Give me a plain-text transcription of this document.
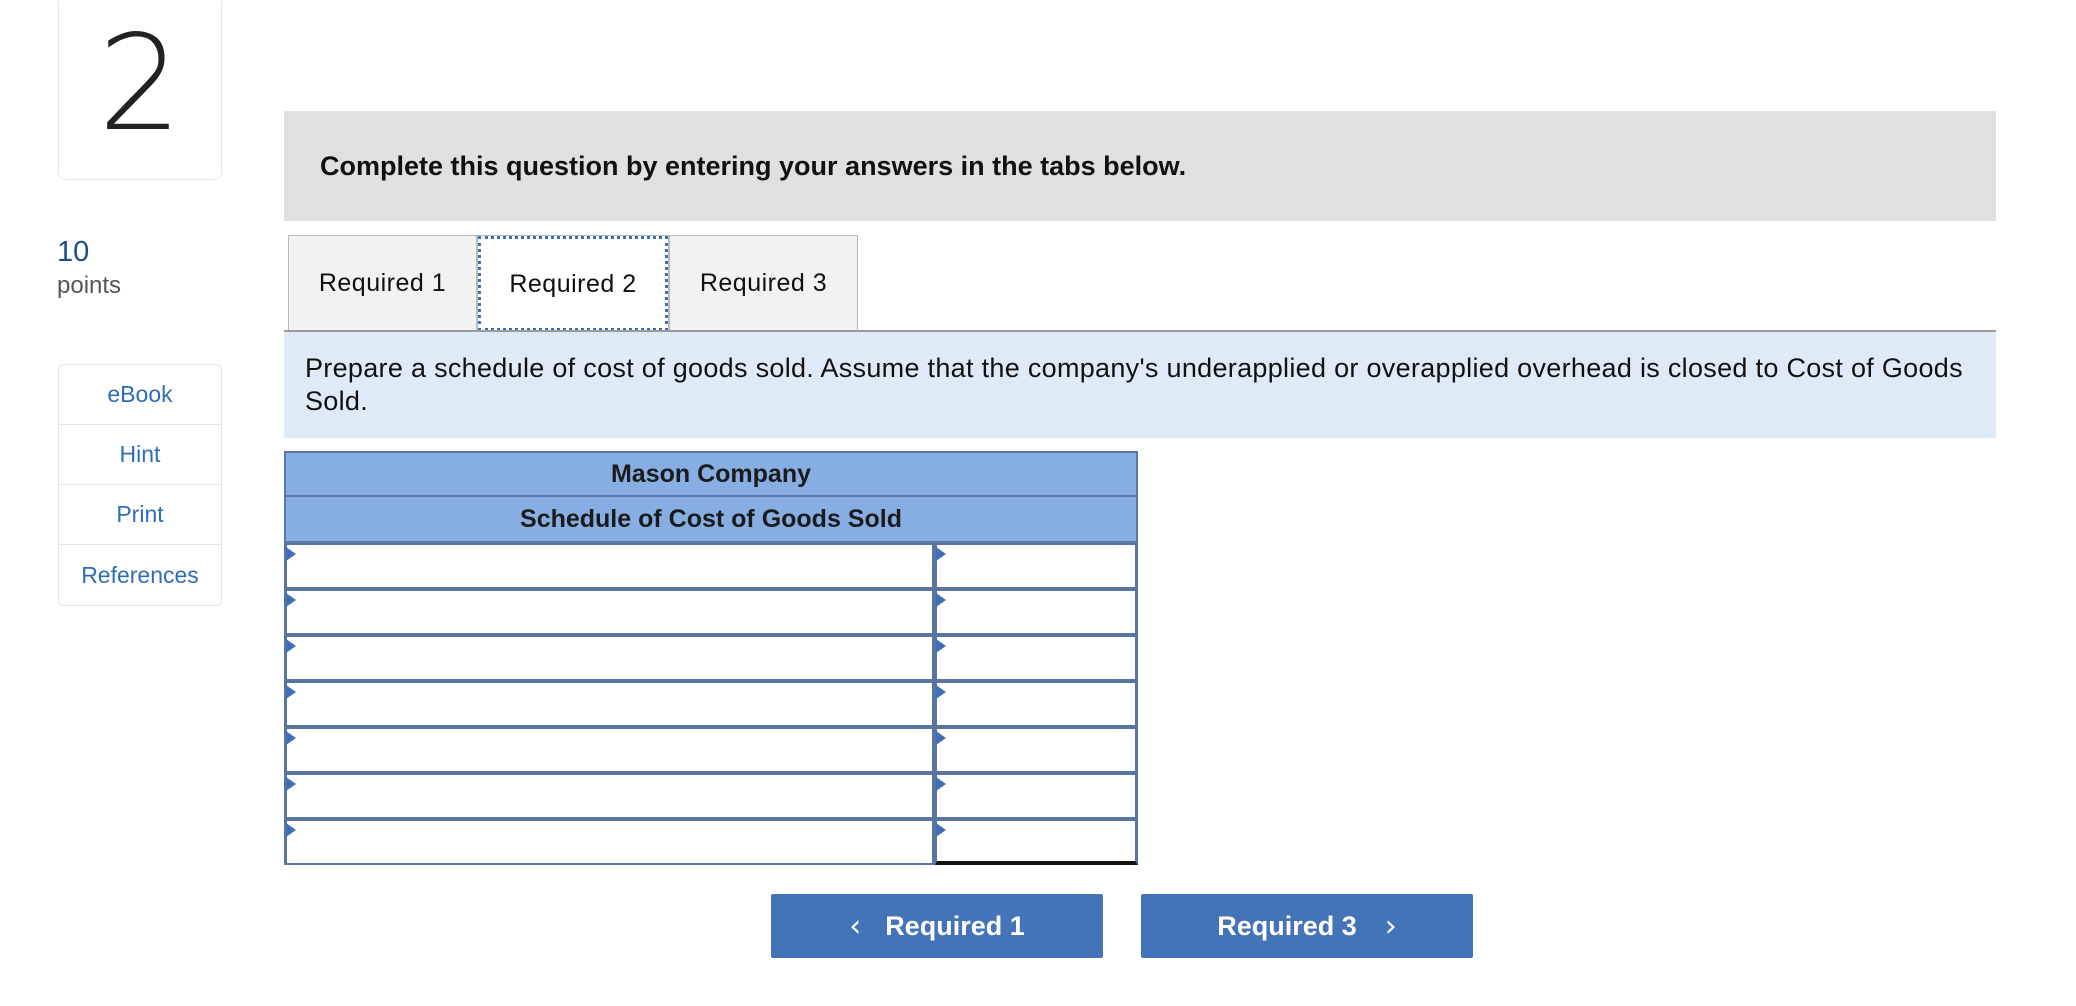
2
10
points
eBook
Hint
Print
References
Complete this question by entering your answers in the tabs below.
Required 1	Required 2	Required 3
Prepare a schedule of cost of goods sold. Assume that the company's underapplied or overapplied overhead is closed to Cost of Goods Sold.
Mason Company
Schedule of Cost of Goods Sold
‹ Required 1	Required 3 ›
